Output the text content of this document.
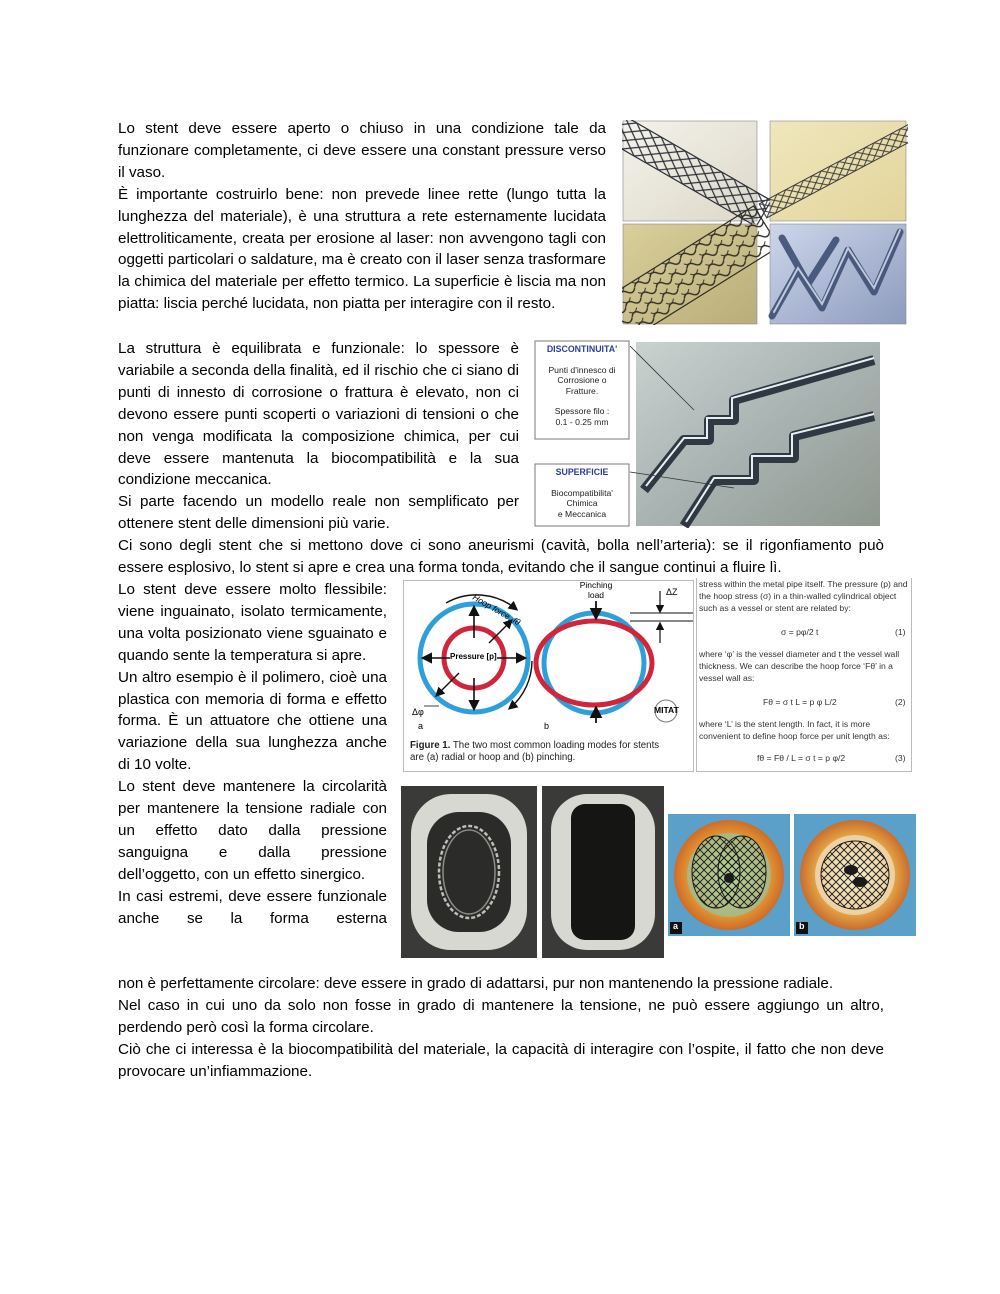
Lo stent deve essere aperto o chiuso in una condizione tale da funzionare completamente, ci deve essere una constant pressure verso il vaso.

È importante costruirlo bene: non prevede linee rette (lungo tutta la lunghezza del materiale), è una struttura a rete esternamente lucidata elettroliticamente, creata per erosione al laser: non avvengono tagli con oggetti particolari o saldature, ma è creato con il laser senza trasformare la chimica del materiale per effetto termico. La superficie è liscia ma non piatta: liscia perché lucidata, non piatta per interagire con il resto.

La struttura è equilibrata e funzionale: lo spessore è variabile a seconda della finalità, ed il rischio che ci siano di punti di innesto di corrosione o frattura è elevato, non ci devono essere punti scoperti o variazioni di tensioni o che non venga modificata la composizione chimica, per cui deve essere mantenuta la biocompatibilità e la sua condizione meccanica.

Si parte facendo un modello reale non semplificato per ottenere stent delle dimensioni più varie.

Ci sono degli stent che si mettono dove ci sono aneurismi (cavità, bolla nell’arteria): se il rigonfiamento può essere esplosivo, lo stent si apre e crea una forma tonda, evitando che il sangue continui a fluire lì.

Lo stent deve essere molto flessibile: viene inguainato, isolato termicamente, una volta posizionato viene sguainato e quando sente la temperatura si apre.

Un altro esempio è il polimero, cioè una plastica con memoria di forma e effetto forma. È un attuatore che ottiene una variazione della sua lunghezza anche di 10 volte.

Lo stent deve mantenere la circolarità per mantenere la tensione radiale con un effetto dato dalla pressione sanguigna e dalla pressione dell’oggetto, con un effetto sinergico.

In casi estremi, deve essere funzionale anche se la forma esterna

non è perfettamente circolare: deve essere in grado di adattarsi, pur non mantenendo la pressione radiale.

Nel caso in cui uno da solo non fosse in grado di mantenere la tensione, ne può essere aggiungo un altro, perdendo però così la forma circolare.

Ciò che ci interessa è la biocompatibilità del materiale, la capacità di interagire con l’ospite, il fatto che non deve provocare un’infiammazione.

DISCONTINUITA'
Punti d'innesco di
Corrosione o
Fratture.
Spessore filo :
0.1 - 0.25 mm
SUPERFICIE
Biocompatibilita'
Chimica
e Meccanica
Hoop force, fθ
Pressure [p]
Δφ
a	b
Pinching
load	ΔZ
MITAT
Figure 1. The two most common loading modes for stents
are (a) radial or hoop and (b) pinching.
stress within the metal pipe itself. The pressure (p) and
the hoop stress (σ) in a thin-walled cylindrical object
such as a vessel or stent are related by:
σ = pφ/2 t	(1)
where ‘φ’ is the vessel diameter and t the vessel wall
thickness. We can describe the hoop force ‘Fθ’ in a
vessel wall as:
Fθ = σ t L = p φ L/2	(2)
where ‘L’ is the stent length. In fact, it is more
convenient to define hoop force per unit length as:
fθ = Fθ / L = σ t = p φ/2	(3)
a	b
